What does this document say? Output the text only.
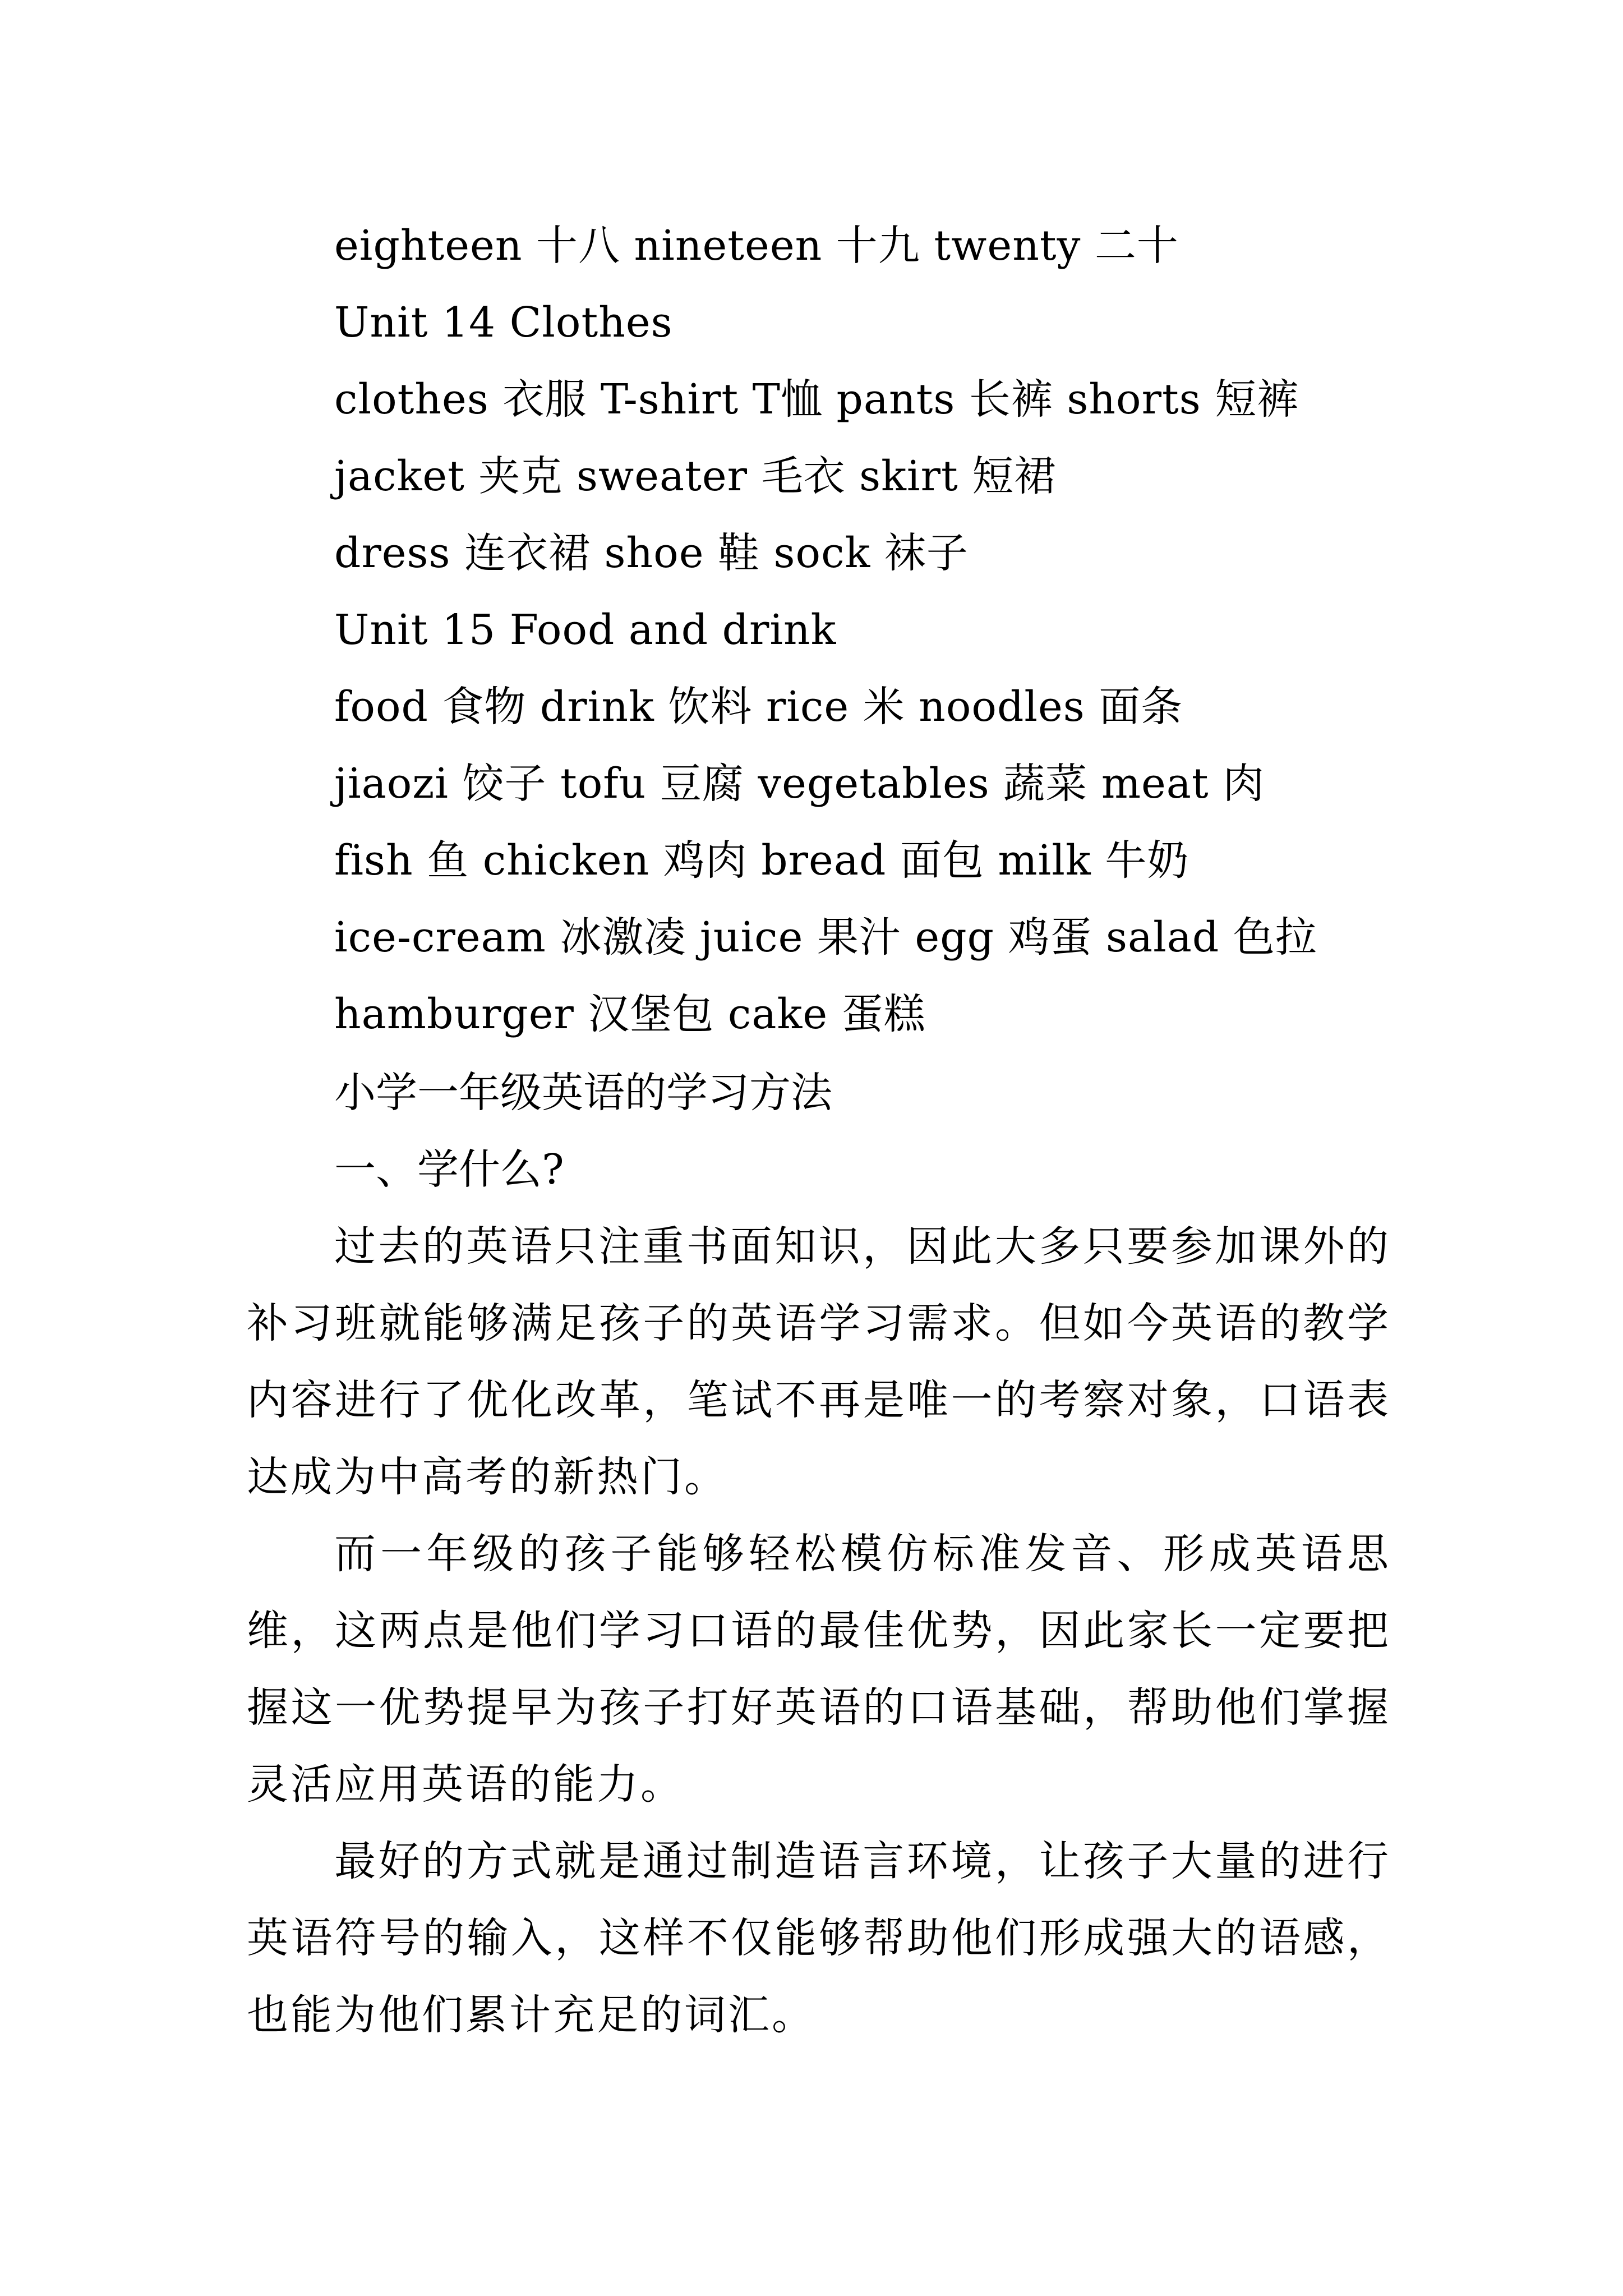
eighteen 十八 nineteen 十九 twenty 二十
Unit 14 Clothes
clothes 衣服 T-shirt T恤 pants 长裤 shorts 短裤
jacket 夹克 sweater 毛衣 skirt 短裙
dress 连衣裙 shoe 鞋 sock 袜子
Unit 15 Food and drink
food 食物 drink 饮料 rice 米 noodles 面条
jiaozi 饺子 tofu 豆腐 vegetables 蔬菜 meat 肉
fish 鱼 chicken 鸡肉 bread 面包 milk 牛奶
ice-cream 冰激凌 juice 果汁 egg 鸡蛋 salad 色拉
hamburger 汉堡包 cake 蛋糕
小学一年级英语的学习方法
一、学什么?

过去的英语只注重书面知识，因此大多只要参加课外的补习班就能够满足孩子的英语学习需求。但如今英语的教学内容进行了优化改革，笔试不再是唯一的考察对象，口语表达成为中高考的新热门。

而一年级的孩子能够轻松模仿标准发音、形成英语思维，这两点是他们学习口语的最佳优势，因此家长一定要把握这一优势提早为孩子打好英语的口语基础，帮助他们掌握灵活应用英语的能力。

最好的方式就是通过制造语言环境，让孩子大量的进行英语符号的输入，这样不仅能够帮助他们形成强大的语感，也能为他们累计充足的词汇。
